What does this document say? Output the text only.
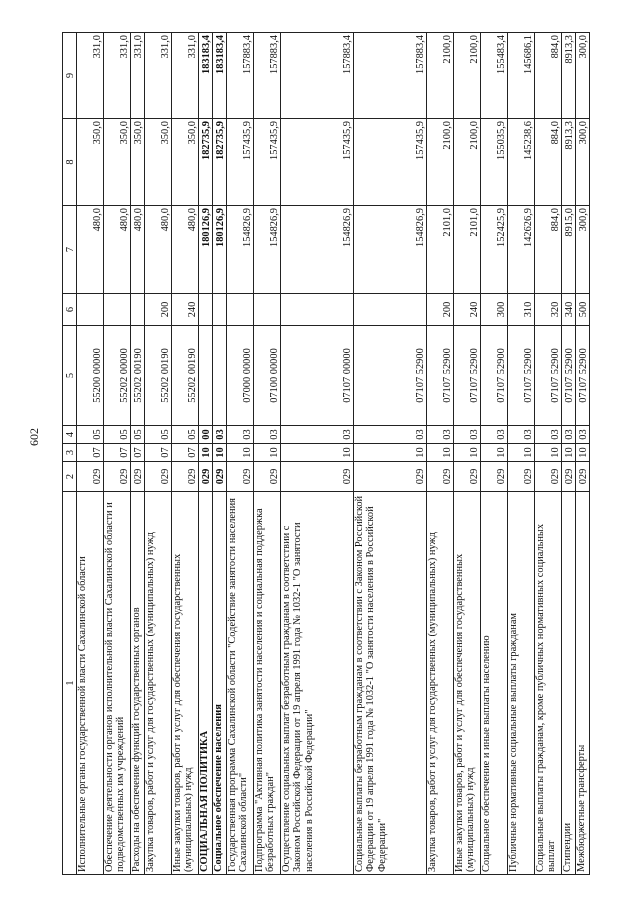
602
1	2	3	4	5	6	7	8	9
Исполнительные органы государственной власти Сахалинской области	029	07	05	55200 00000		480,0	350,0	331,0
Обеспечение деятельности органов исполнительной власти Сахалинской области и подведомственных им учреждений	029	07	05	55202 00000		480,0	350,0	331,0
Расходы на обеспечение функций государственных органов	029	07	05	55202 00190		480,0	350,0	331,0
Закупка товаров, работ и услуг для государственных (муниципальных) нужд	029	07	05	55202 00190	200	480,0	350,0	331,0
Иные закупки товаров, работ и услуг для обеспечения государственных (муниципальных) нужд	029	07	05	55202 00190	240	480,0	350,0	331,0
СОЦИАЛЬНАЯ ПОЛИТИКА	029	10	00			180126,9	182735,9	183183,4
Социальное обеспечение населения	029	10	03			180126,9	182735,9	183183,4
Государственная программа Сахалинской области "Содействие занятости населения Сахалинской области"	029	10	03	07000 00000		154826,9	157435,9	157883,4
Подпрограмма "Активная политика занятости населения и социальная поддержка безработных граждан"	029	10	03	07100 00000		154826,9	157435,9	157883,4
Осуществление социальных выплат безработным гражданам в соответствии с Законом Российской Федерации от 19 апреля 1991 года № 1032-1 "О занятости населения в Российской Федерации"	029	10	03	07107 00000		154826,9	157435,9	157883,4
Социальные выплаты безработным гражданам в соответствии с Законом Российской Федерации от 19 апреля 1991 года № 1032-1 "О занятости населения в Российской Федерации"	029	10	03	07107 52900		154826,9	157435,9	157883,4
Закупка товаров, работ и услуг для государственных (муниципальных) нужд	029	10	03	07107 52900	200	2101,0	2100,0	2100,0
Иные закупки товаров, работ и услуг для обеспечения государственных (муниципальных) нужд	029	10	03	07107 52900	240	2101,0	2100,0	2100,0
Социальное обеспечение и иные выплаты населению	029	10	03	07107 52900	300	152425,9	155035,9	155483,4
Публичные нормативные социальные выплаты гражданам	029	10	03	07107 52900	310	142626,9	145238,6	145686,1
Социальные выплаты гражданам, кроме публичных нормативных социальных выплат	029	10	03	07107 52900	320	884,0	884,0	884,0
Стипендии	029	10	03	07107 52900	340	8915,0	8913,3	8913,3
Межбюджетные трансферты	029	10	03	07107 52900	500	300,0	300,0	300,0
